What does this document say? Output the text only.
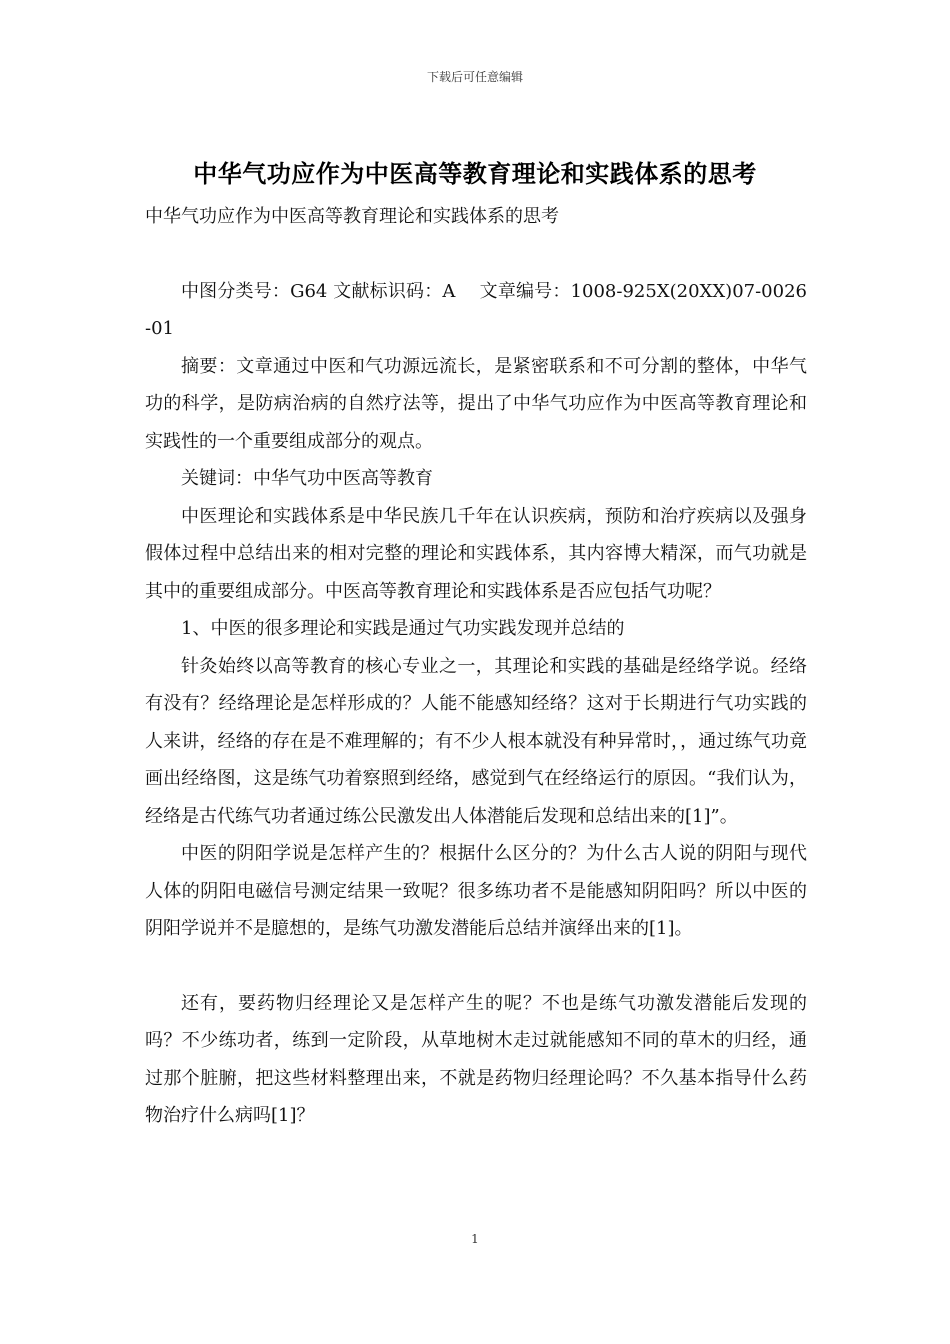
下载后可任意编辑
中华气功应作为中医高等教育理论和实践体系的思考

中华气功应作为中医高等教育理论和实践体系的思考

中图分类号：G64 文献标识码：A　 文章编号：1008-925X(20XX)07-0026-01

摘要：文章通过中医和气功源远流长，是紧密联系和不可分割的整体，中华气功的科学，是防病治病的自然疗法等，提出了中华气功应作为中医高等教育理论和实践性的一个重要组成部分的观点。

关键词：中华气功中医高等教育

中医理论和实践体系是中华民族几千年在认识疾病，预防和治疗疾病以及强身假体过程中总结出来的相对完整的理论和实践体系，其内容博大精深，而气功就是其中的重要组成部分。中医高等教育理论和实践体系是否应包括气功呢？

1、中医的很多理论和实践是通过气功实践发现并总结的

针灸始终以高等教育的核心专业之一，其理论和实践的基础是经络学说。经络有没有？经络理论是怎样形成的？人能不能感知经络？这对于长期进行气功实践的人来讲，经络的存在是不难理解的；有不少人根本就没有种异常时，，通过练气功竟画出经络图，这是练气功着察照到经络，感觉到气在经络运行的原因。“我们认为，经络是古代练气功者通过练公民激发出人体潜能后发现和总结出来的[1]”。

中医的阴阳学说是怎样产生的？根据什么区分的？为什么古人说的阴阳与现代人体的阴阳电磁信号测定结果一致呢？很多练功者不是能感知阴阳吗？所以中医的阴阳学说并不是臆想的，是练气功激发潜能后总结并演绎出来的[1]。

还有，要药物归经理论又是怎样产生的呢？不也是练气功激发潜能后发现的吗？不少练功者，练到一定阶段，从草地树木走过就能感知不同的草木的归经，通过那个脏腑，把这些材料整理出来，不就是药物归经理论吗？不久基本指导什么药物治疗什么病吗[1]？

1
